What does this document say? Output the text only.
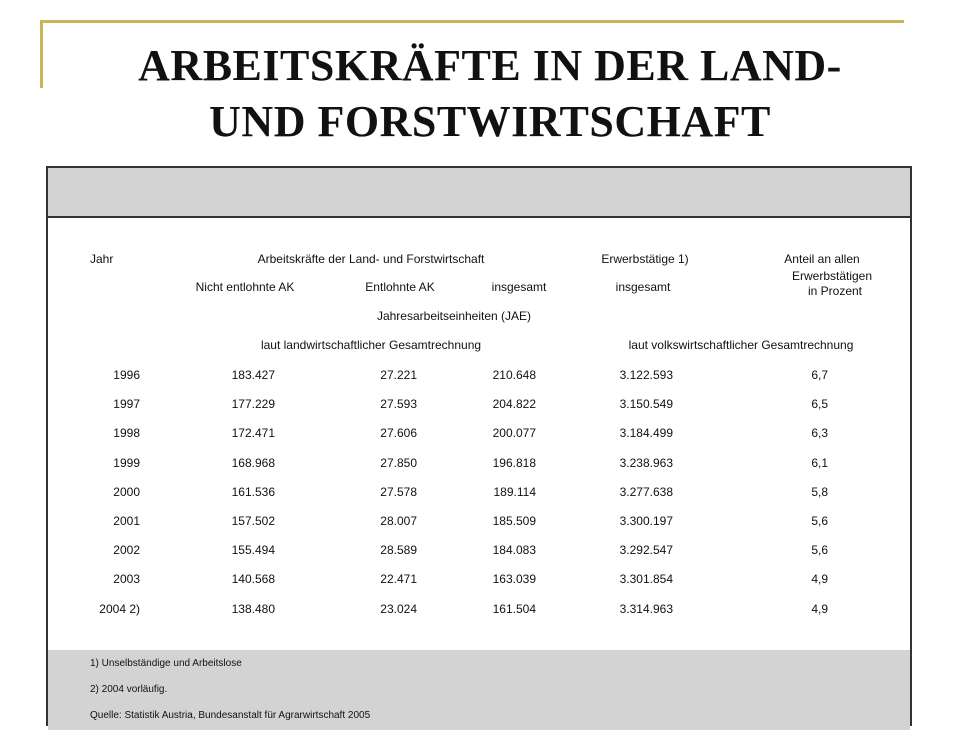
ARBEITSKRÄFTE IN DER LAND-
UND FORSTWIRTSCHAFT
Jahr	Arbeitskräfte der Land- und Forstwirtschaft	Erwerbstätige 1)	Anteil an allen
Erwerbstätigen
in Prozent
Nicht entlohnte AK	Entlohnte AK	insgesamt	insgesamt
Jahresarbeitseinheiten (JAE)
laut landwirtschaftlicher Gesamtrechnung	laut volkswirtschaftlicher Gesamtrechnung
1996	183.427	27.221	210.648	3.122.593	6,7
1997	177.229	27.593	204.822	3.150.549	6,5
1998	172.471	27.606	200.077	3.184.499	6,3
1999	168.968	27.850	196.818	3.238.963	6,1
2000	161.536	27.578	189.114	3.277.638	5,8
2001	157.502	28.007	185.509	3.300.197	5,6
2002	155.494	28.589	184.083	3.292.547	5,6
2003	140.568	22.471	163.039	3.301.854	4,9
2004 2)	138.480	23.024	161.504	3.314.963	4,9
1) Unselbständige und Arbeitslose
2) 2004 vorläufig.
Quelle: Statistik Austria, Bundesanstalt für Agrarwirtschaft 2005
